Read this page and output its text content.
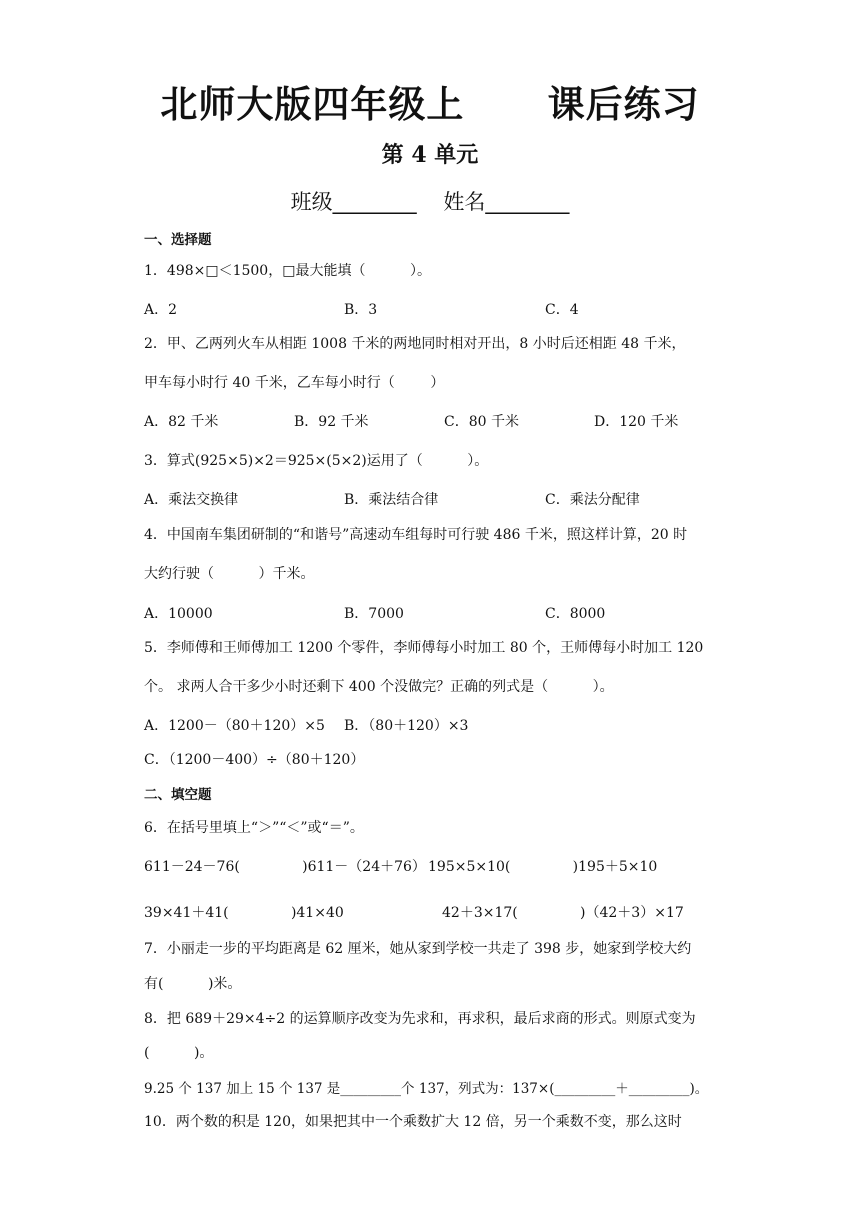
北师大版四年级上      课后练习
第 4 单元
班级________    姓名________
一、选择题
1．498×□＜1500，□最大能填（          ）。
A．2	B．3	C．4
2．甲、乙两列火车从相距 1008 千米的两地同时相对开出，8 小时后还相距 48 千米，
甲车每小时行 40 千米，乙车每小时行（        ）
A．82 千米	B．92 千米	C．80 千米	D．120 千米
3．算式(925×5)×2＝925×(5×2)运用了（          ）。
A．乘法交换律	B．乘法结合律	C．乘法分配律
4．中国南车集团研制的“和谐号”高速动车组每时可行驶 486 千米，照这样计算，20 时
大约行驶（          ）千米。
A．10000	B．7000	C．8000
5．李师傅和王师傅加工 1200 个零件，李师傅每小时加工 80 个，王师傅每小时加工 120
个。 求两人合干多少小时还剩下 400 个没做完？正确的列式是（          ）。
A．1200－（80＋120）×5 B．（80＋120）×3
C．（1200－400）÷（80＋120）
二、填空题
6．在括号里填上“＞”“＜”或“＝”。
611－24－76(              )611－（24＋76） 195×5×10(              )195＋5×10
39×41＋41(              )41×40	42＋3×17(              )（42＋3）×17
7．小丽走一步的平均距离是 62 厘米，她从家到学校一共走了 398 步，她家到学校大约
有(          )米。
8．把 689＋29×4÷2 的运算顺序改变为先求和，再求积，最后求商的形式。则原式变为
(          )。
9.25 个 137 加上 15 个 137 是_________个 137，列式为：137×(_________＋_________)。
10．两个数的积是 120，如果把其中一个乘数扩大 12 倍，另一个乘数不变，那么这时
